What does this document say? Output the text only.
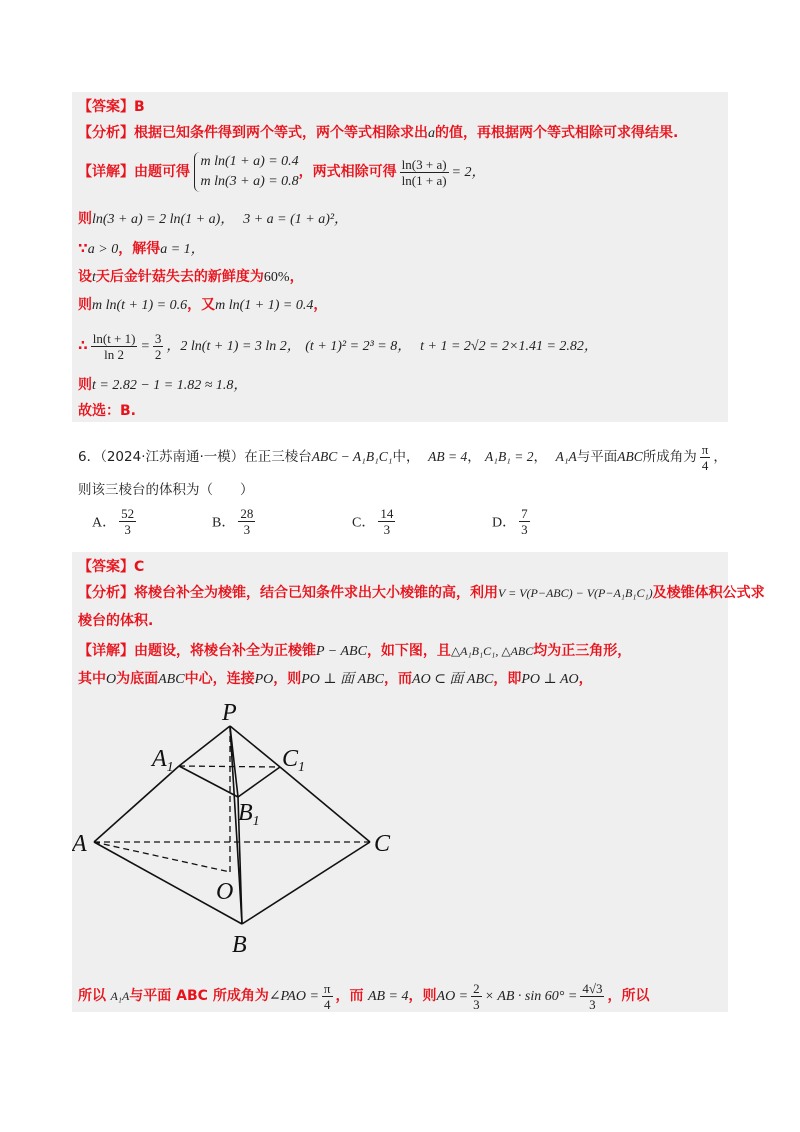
【答案】B
【分析】根据已知条件得到两个等式，两个等式相除求出a的值，再根据两个等式相除可求得结果.
【详解】由题可得
m ln(1 + a) = 0.4
m ln(3 + a) = 0.8
，两式相除可得 $\frac{\ln(3 + a)}{\ln(1 + a)} = 2$，
则ln(3 + a) = 2 ln(1 + a)， 3 + a = (1 + a)²，
∵a > 0，解得a = 1，
设t天后金针菇失去的新鲜度为60%，
则m ln(t + 1) = 0.6，又m ln(1 + 1) = 0.4，
∴ $\frac{\ln(t + 1)}{\ln 2} = \frac{3}{2}$ ，2 ln(t + 1) = 3 ln 2， (t + 1)² = 2³ = 8， t + 1 = 2√2 = 2×1.41 = 2.82，
则t = 2.82 − 1 = 1.82 ≈ 1.8，
故选：B.
6．（2024·江苏南通·一模）在正三棱台ABC − A₁B₁C₁中， AB = 4， A₁B₁ = 2， A₁A与平面ABC所成角为 $\frac{\pi}{4}$ ，
则该三棱台的体积为（　　）
A． $\frac{52}{3}$	B． $\frac{28}{3}$	C． $\frac{14}{3}$	D． $\frac{7}{3}$
【答案】C
【分析】将棱台补全为棱锥，结合已知条件求出大小棱锥的高，利用V = V(P−ABC) − V(P−A₁B₁C₁)及棱锥体积公式求
棱台的体积.
【详解】由题设，将棱台补全为正棱锥P − ABC，如下图，且△A₁B₁C₁, △ABC均为正三角形，
其中O为底面ABC中心，连接PO，则PO ⊥ 面 ABC，而AO ⊂ 面 ABC，即PO ⊥ AO，
P
$A_1$	$C_1$
$B_1$
A	C
O
B
所以 A₁A与平面 ABC 所成角为∠PAO = $\frac{\pi}{4}$ ，而 AB = 4，则AO = $\frac{2}{3}$ × AB · $\sin 60^\circ = \frac{4√3}{3}$ ，所以
